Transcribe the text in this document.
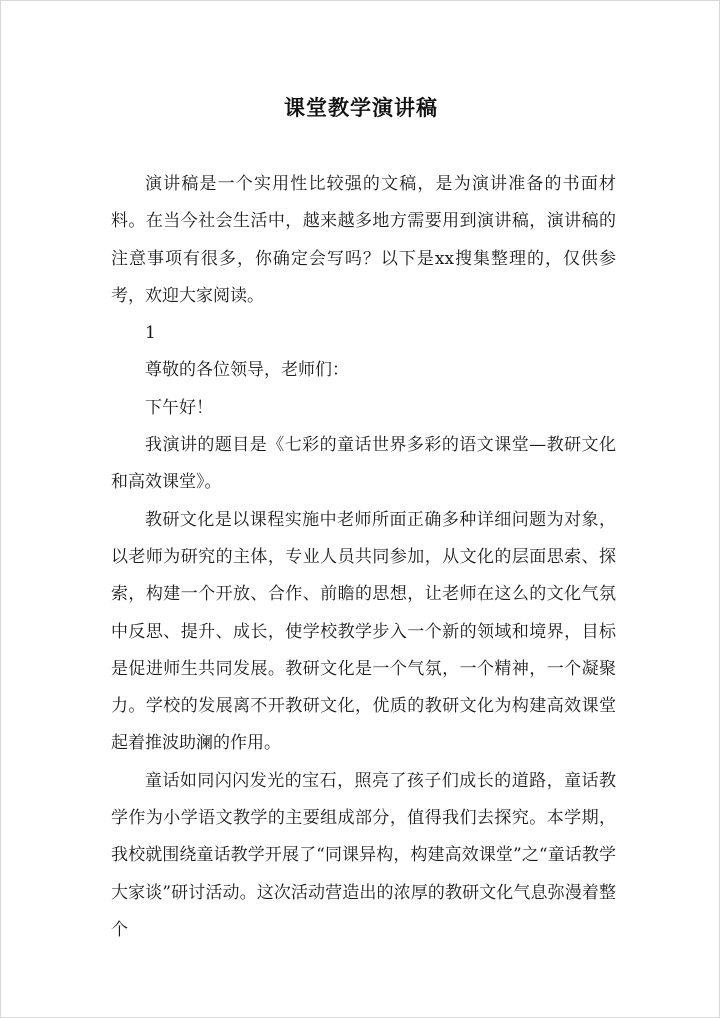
课堂教学演讲稿

演讲稿是一个实用性比较强的文稿，是为演讲准备的书面材料。在当今社会生活中，越来越多地方需要用到演讲稿，演讲稿的注意事项有很多，你确定会写吗？以下是xx搜集整理的，仅供参考，欢迎大家阅读。

1

尊敬的各位领导，老师们：

下午好！

我演讲的题目是《七彩的童话世界多彩的语文课堂—教研文化和高效课堂》。

教研文化是以课程实施中老师所面正确多种详细问题为对象，以老师为研究的主体，专业人员共同参加，从文化的层面思索、探索，构建一个开放、合作、前瞻的思想，让老师在这么的文化气氛中反思、提升、成长，使学校教学步入一个新的领域和境界，目标是促进师生共同发展。教研文化是一个气氛，一个精神，一个凝聚力。学校的发展离不开教研文化，优质的教研文化为构建高效课堂起着推波助澜的作用。

童话如同闪闪发光的宝石，照亮了孩子们成长的道路，童话教学作为小学语文教学的主要组成部分，值得我们去探究。本学期，我校就围绕童话教学开展了“同课异构，构建高效课堂”之“童话教学大家谈”研讨活动。这次活动营造出的浓厚的教研文化气息弥漫着整个
